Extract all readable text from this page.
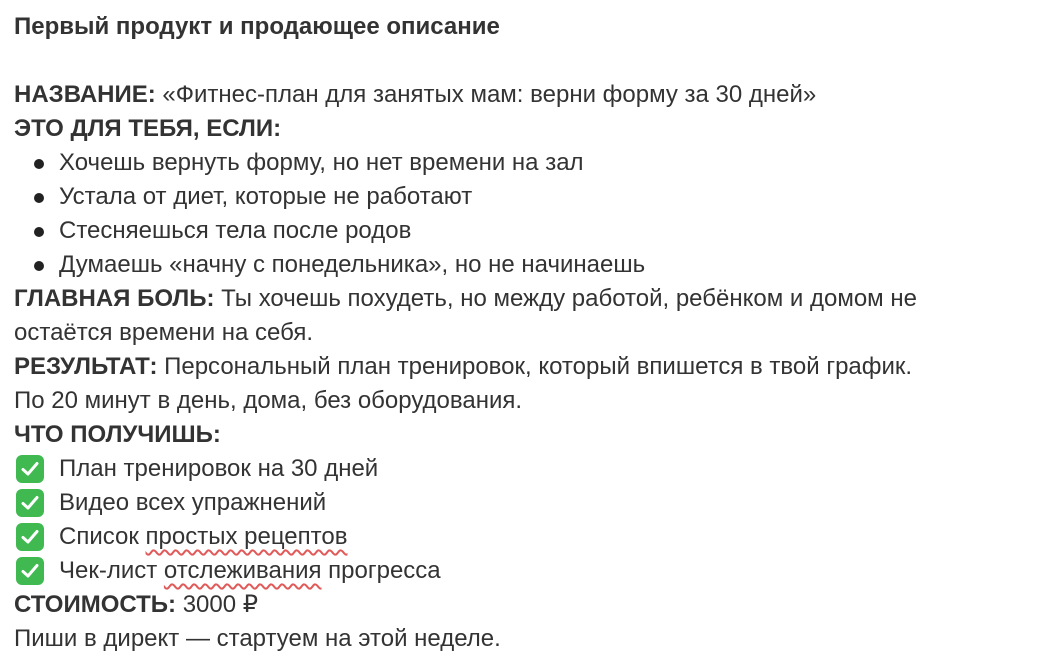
Первый продукт и продающее описание
НАЗВАНИЕ: «Фитнес-план для занятых мам: верни форму за 30 дней»
ЭТО ДЛЯ ТЕБЯ, ЕСЛИ:
Хочешь вернуть форму, но нет времени на зал
Устала от диет, которые не работают
Стесняешься тела после родов
Думаешь «начну с понедельника», но не начинаешь
ГЛАВНАЯ БОЛЬ: Ты хочешь похудеть, но между работой, ребёнком и домом не
остаётся времени на себя.
РЕЗУЛЬТАТ: Персональный план тренировок, который впишется в твой график.
По 20 минут в день, дома, без оборудования.
ЧТО ПОЛУЧИШЬ:
План тренировок на 30 дней
Видео всех упражнений
Список простых рецептов
Чек-лист отслеживания прогресса
СТОИМОСТЬ: 3000 ₽
Пиши в директ — стартуем на этой неделе.
